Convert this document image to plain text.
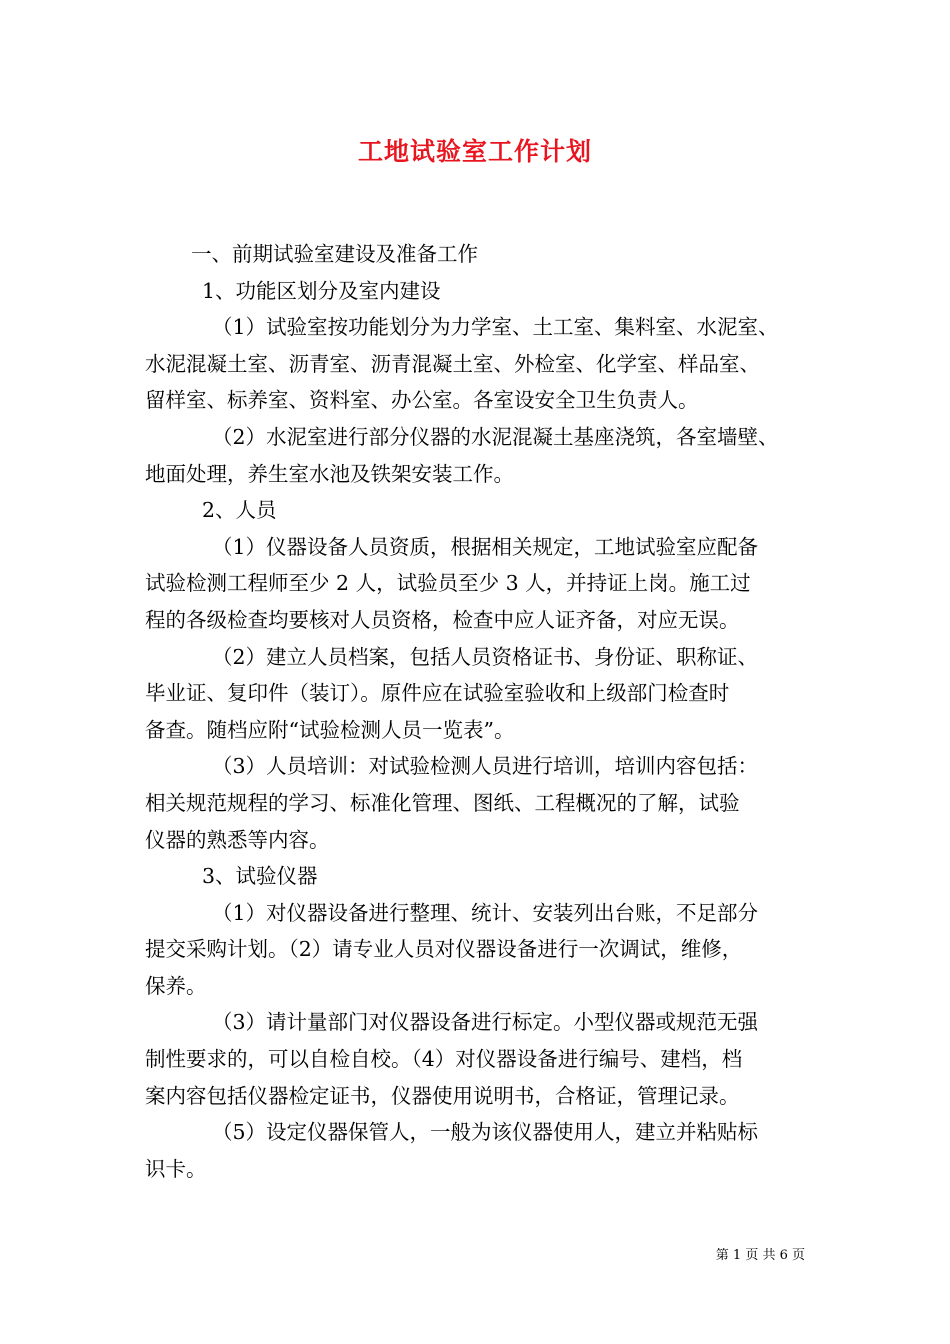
工地试验室工作计划
一、前期试验室建设及准备工作
1、功能区划分及室内建设
（1）试验室按功能划分为力学室、土工室、集料室、水泥室、
水泥混凝土室、沥青室、沥青混凝土室、外检室、化学室、样品室、
留样室、标养室、资料室、办公室。各室设安全卫生负责人。
（2）水泥室进行部分仪器的水泥混凝土基座浇筑，各室墙壁、
地面处理，养生室水池及铁架安装工作。
2、人员
（1）仪器设备人员资质，根据相关规定，工地试验室应配备
试验检测工程师至少 2 人，试验员至少 3 人，并持证上岗。施工过
程的各级检查均要核对人员资格，检查中应人证齐备，对应无误。
（2）建立人员档案，包括人员资格证书、身份证、职称证、
毕业证、复印件（装订）。原件应在试验室验收和上级部门检查时
备查。随档应附“试验检测人员一览表”。
（3）人员培训：对试验检测人员进行培训，培训内容包括：
相关规范规程的学习、标准化管理、图纸、工程概况的了解，试验
仪器的熟悉等内容。
3、试验仪器
（1）对仪器设备进行整理、统计、安装列出台账，不足部分
提交采购计划。（2）请专业人员对仪器设备进行一次调试，维修，
保养。
（3）请计量部门对仪器设备进行标定。小型仪器或规范无强
制性要求的，可以自检自校。（4）对仪器设备进行编号、建档，档
案内容包括仪器检定证书，仪器使用说明书，合格证，管理记录。
（5）设定仪器保管人，一般为该仪器使用人，建立并粘贴标
识卡。
第 1 页 共 6 页
